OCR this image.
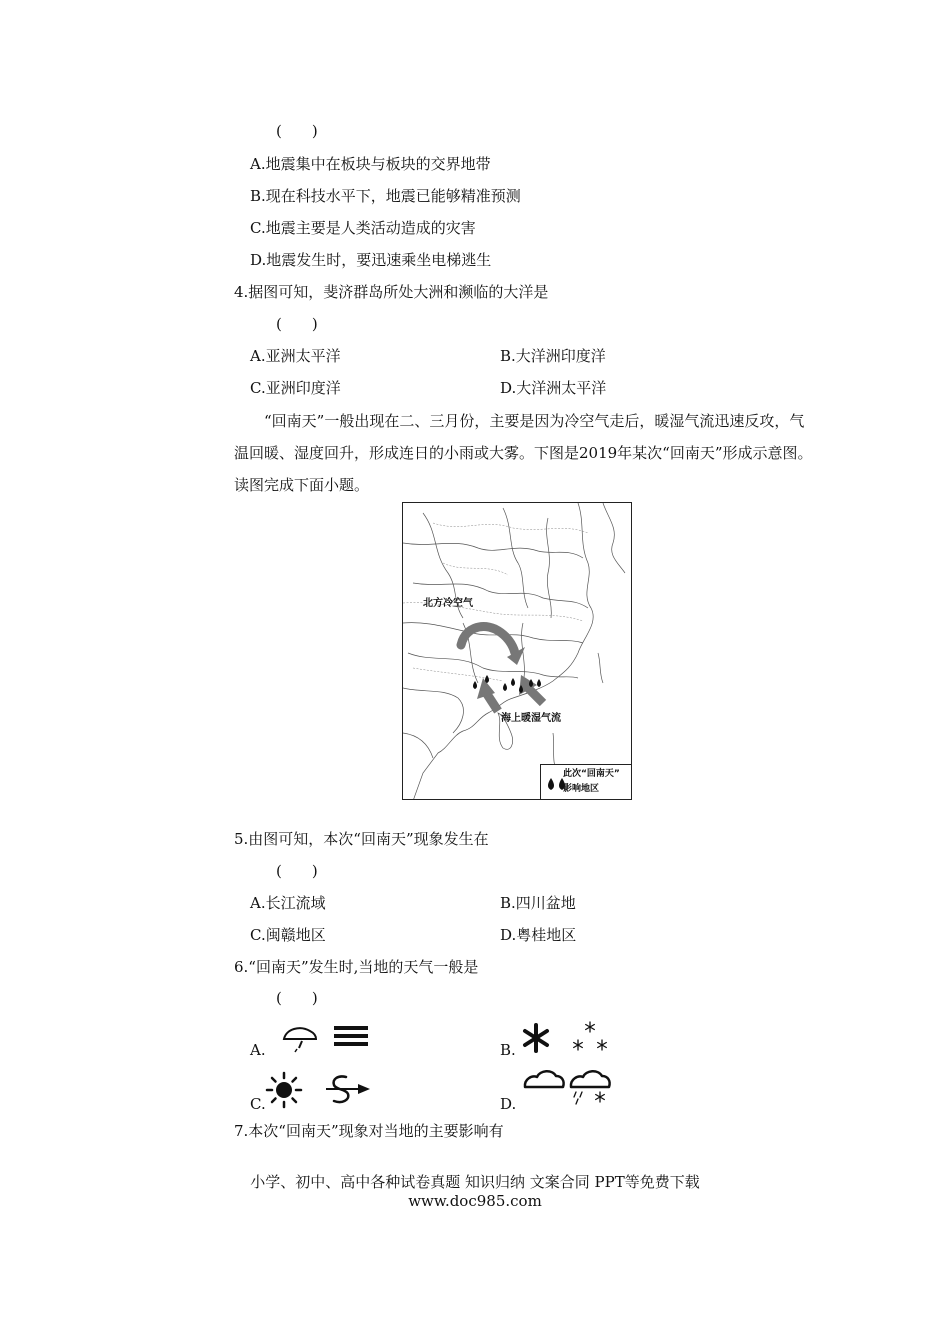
(　　)
A.地震集中在板块与板块的交界地带
B.现在科技水平下，地震已能够精准预测
C.地震主要是人类活动造成的灾害
D.地震发生时，要迅速乘坐电梯逃生
4.据图可知，斐济群岛所处大洲和濒临的大洋是
(　　)
A.亚洲太平洋	B.大洋洲印度洋
C.亚洲印度洋	D.大洋洲太平洋
“回南天”一般出现在二、三月份，主要是因为冷空气走后，暖湿气流迅速反攻，气温回暖、湿度回升，形成连日的小雨或大雾。下图是2019年某次“回南天”形成示意图。读图完成下面小题。
北方冷空气
海上暖湿气流
此次“回南天”
影响地区
5.由图可知，本次“回南天”现象发生在
(　　)
A.长江流域	B.四川盆地
C.闽赣地区	D.粤桂地区
6.“回南天”发生时,当地的天气一般是
(　　)
A.	B.
C.	D.
7.本次“回南天”现象对当地的主要影响有
小学、初中、高中各种试卷真题 知识归纳 文案合同 PPT等免费下载
www.doc985.com
